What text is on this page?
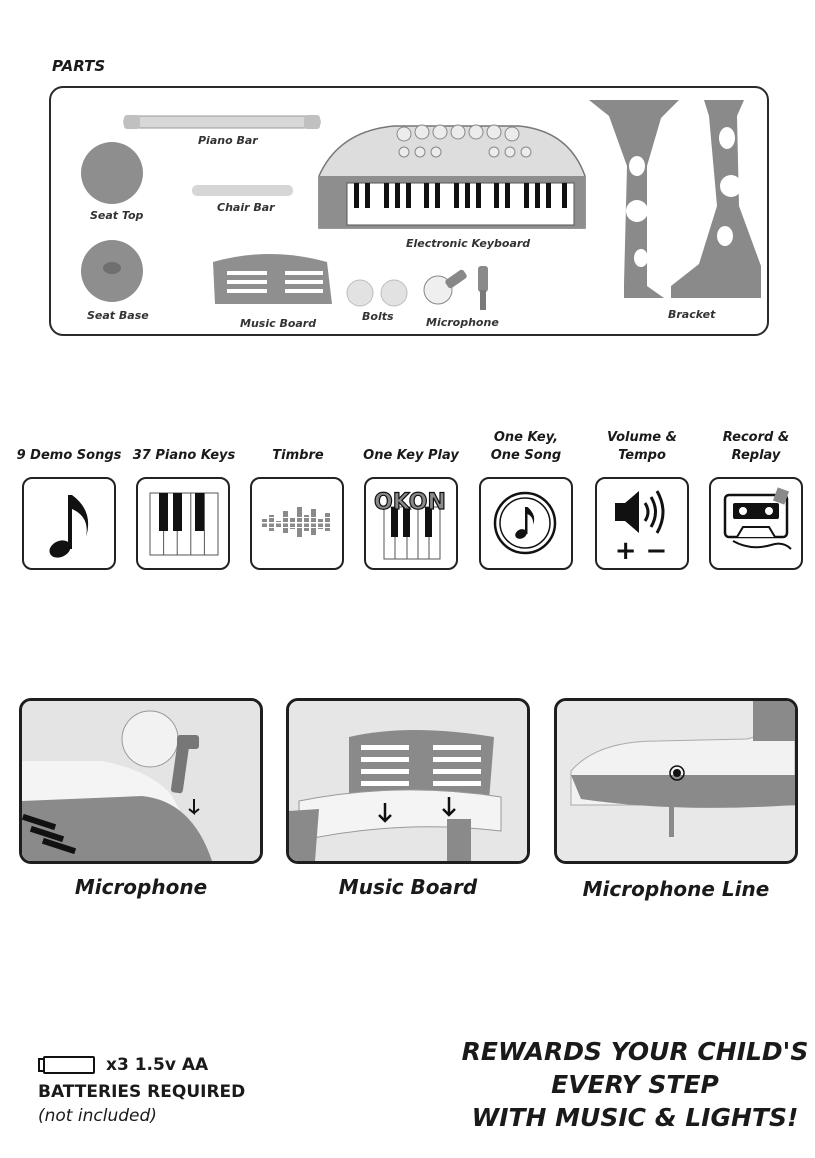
PARTS
Piano Bar
Seat Top
Chair Bar
Seat Base
Music Board
Bolts	Microphone
Electronic Keyboard
Bracket
9 Demo Songs 37 Piano Keys	Timbre	One Key Play
One Key,
One Song
Volume &
Tempo
Record &
Replay
OKON
+ −
Microphone	Music Board	Microphone Line
x3 1.5v AA
BATTERIES REQUIRED
(not included)
REWARDS YOUR CHILD'S
EVERY STEP
WITH MUSIC & LIGHTS!
